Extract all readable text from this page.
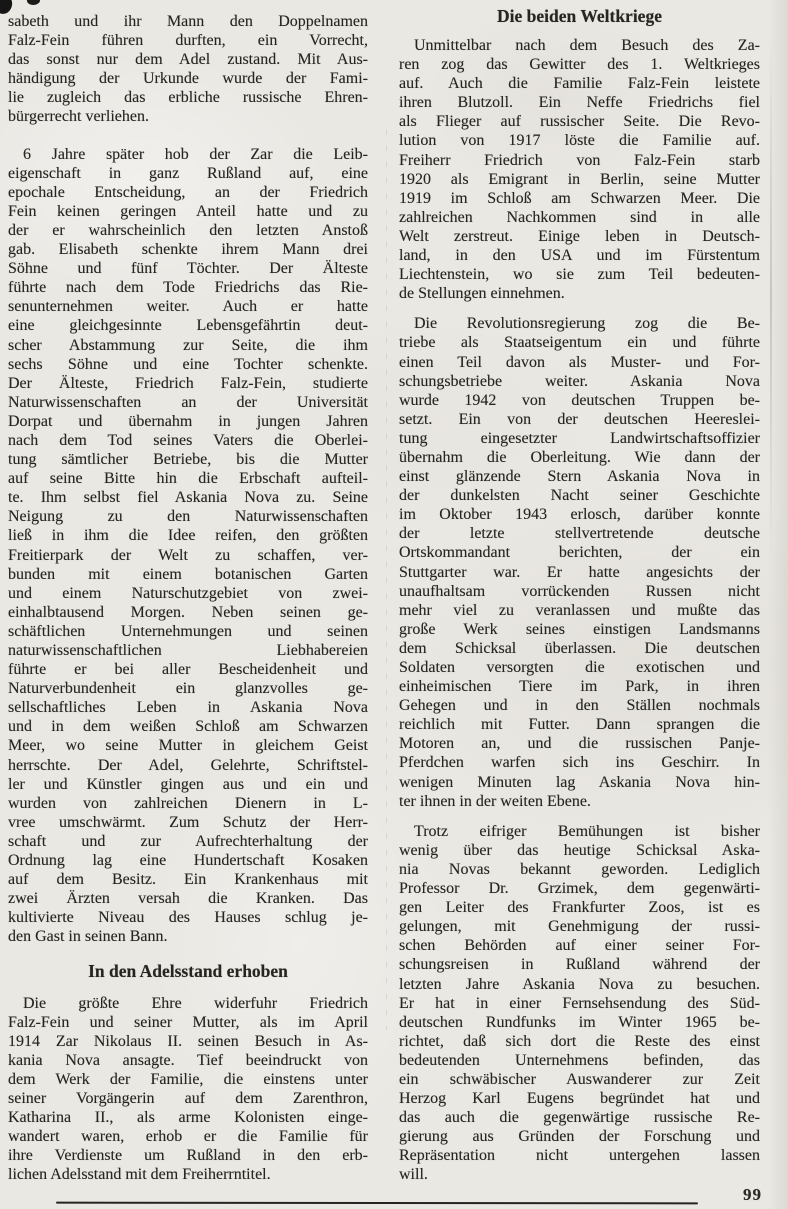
sabeth und ihr Mann den Doppelnamen
Falz-Fein führen durften, ein Vorrecht,
das sonst nur dem Adel zustand. Mit Aus-
händigung der Urkunde wurde der Fami-
lie zugleich das erbliche russische Ehren-
bürgerrecht verliehen.
6 Jahre später hob der Zar die Leib-
eigenschaft in ganz Rußland auf, eine
epochale Entscheidung, an der Friedrich
Fein keinen geringen Anteil hatte und zu
der er wahrscheinlich den letzten Anstoß
gab. Elisabeth schenkte ihrem Mann drei
Söhne und fünf Töchter. Der Älteste
führte nach dem Tode Friedrichs das Rie-
senunternehmen weiter. Auch er hatte
eine gleichgesinnte Lebensgefährtin deut-
scher Abstammung zur Seite, die ihm
sechs Söhne und eine Tochter schenkte.
Der Älteste, Friedrich Falz-Fein, studierte
Naturwissenschaften an der Universität
Dorpat und übernahm in jungen Jahren
nach dem Tod seines Vaters die Oberlei-
tung sämtlicher Betriebe, bis die Mutter
auf seine Bitte hin die Erbschaft aufteil-
te. Ihm selbst fiel Askania Nova zu. Seine
Neigung zu den Naturwissenschaften
ließ in ihm die Idee reifen, den größten
Freitierpark der Welt zu schaffen, ver-
bunden mit einem botanischen Garten
und einem Naturschutzgebiet von zwei-
einhalbtausend Morgen. Neben seinen ge-
schäftlichen Unternehmungen und seinen
naturwissenschaftlichen Liebhabereien
führte er bei aller Bescheidenheit und
Naturverbundenheit ein glanzvolles ge-
sellschaftliches Leben in Askania Nova
und in dem weißen Schloß am Schwarzen
Meer, wo seine Mutter in gleichem Geist
herrschte. Der Adel, Gelehrte, Schriftstel-
ler und Künstler gingen aus und ein und
wurden von zahlreichen Dienern in L-
vree umschwärmt. Zum Schutz der Herr-
schaft und zur Aufrechterhaltung der
Ordnung lag eine Hundertschaft Kosaken
auf dem Besitz. Ein Krankenhaus mit
zwei Ärzten versah die Kranken. Das
kultivierte Niveau des Hauses schlug je-
den Gast in seinen Bann.
In den Adelsstand erhoben
Die größte Ehre widerfuhr Friedrich
Falz-Fein und seiner Mutter, als im April
1914 Zar Nikolaus II. seinen Besuch in As-
kania Nova ansagte. Tief beeindruckt von
dem Werk der Familie, die einstens unter
seiner Vorgängerin auf dem Zarenthron,
Katharina II., als arme Kolonisten einge-
wandert waren, erhob er die Familie für
ihre Verdienste um Rußland in den erb-
lichen Adelsstand mit dem Freiherrntitel.
Die beiden Weltkriege
Unmittelbar nach dem Besuch des Za-
ren zog das Gewitter des 1. Weltkrieges
auf. Auch die Familie Falz-Fein leistete
ihren Blutzoll. Ein Neffe Friedrichs fiel
als Flieger auf russischer Seite. Die Revo-
lution von 1917 löste die Familie auf.
Freiherr Friedrich von Falz-Fein starb
1920 als Emigrant in Berlin, seine Mutter
1919 im Schloß am Schwarzen Meer. Die
zahlreichen Nachkommen sind in alle
Welt zerstreut. Einige leben in Deutsch-
land, in den USA und im Fürstentum
Liechtenstein, wo sie zum Teil bedeuten-
de Stellungen einnehmen.
Die Revolutionsregierung zog die Be-
triebe als Staatseigentum ein und führte
einen Teil davon als Muster- und For-
schungsbetriebe weiter. Askania Nova
wurde 1942 von deutschen Truppen be-
setzt. Ein von der deutschen Heereslei-
tung eingesetzter Landwirtschaftsoffizier
übernahm die Oberleitung. Wie dann der
einst glänzende Stern Askania Nova in
der dunkelsten Nacht seiner Geschichte
im Oktober 1943 erlosch, darüber konnte
der letzte stellvertretende deutsche
Ortskommandant berichten, der ein
Stuttgarter war. Er hatte angesichts der
unaufhaltsam vorrückenden Russen nicht
mehr viel zu veranlassen und mußte das
große Werk seines einstigen Landsmanns
dem Schicksal überlassen. Die deutschen
Soldaten versorgten die exotischen und
einheimischen Tiere im Park, in ihren
Gehegen und in den Ställen nochmals
reichlich mit Futter. Dann sprangen die
Motoren an, und die russischen Panje-
Pferdchen warfen sich ins Geschirr. In
wenigen Minuten lag Askania Nova hin-
ter ihnen in der weiten Ebene.
Trotz eifriger Bemühungen ist bisher
wenig über das heutige Schicksal Aska-
nia Novas bekannt geworden. Lediglich
Professor Dr. Grzimek, dem gegenwärti-
gen Leiter des Frankfurter Zoos, ist es
gelungen, mit Genehmigung der russi-
schen Behörden auf einer seiner For-
schungsreisen in Rußland während der
letzten Jahre Askania Nova zu besuchen.
Er hat in einer Fernsehsendung des Süd-
deutschen Rundfunks im Winter 1965 be-
richtet, daß sich dort die Reste des einst
bedeutenden Unternehmens befinden, das
ein schwäbischer Auswanderer zur Zeit
Herzog Karl Eugens begründet hat und
das auch die gegenwärtige russische Re-
gierung aus Gründen der Forschung und
Repräsentation nicht untergehen lassen
will.
99
